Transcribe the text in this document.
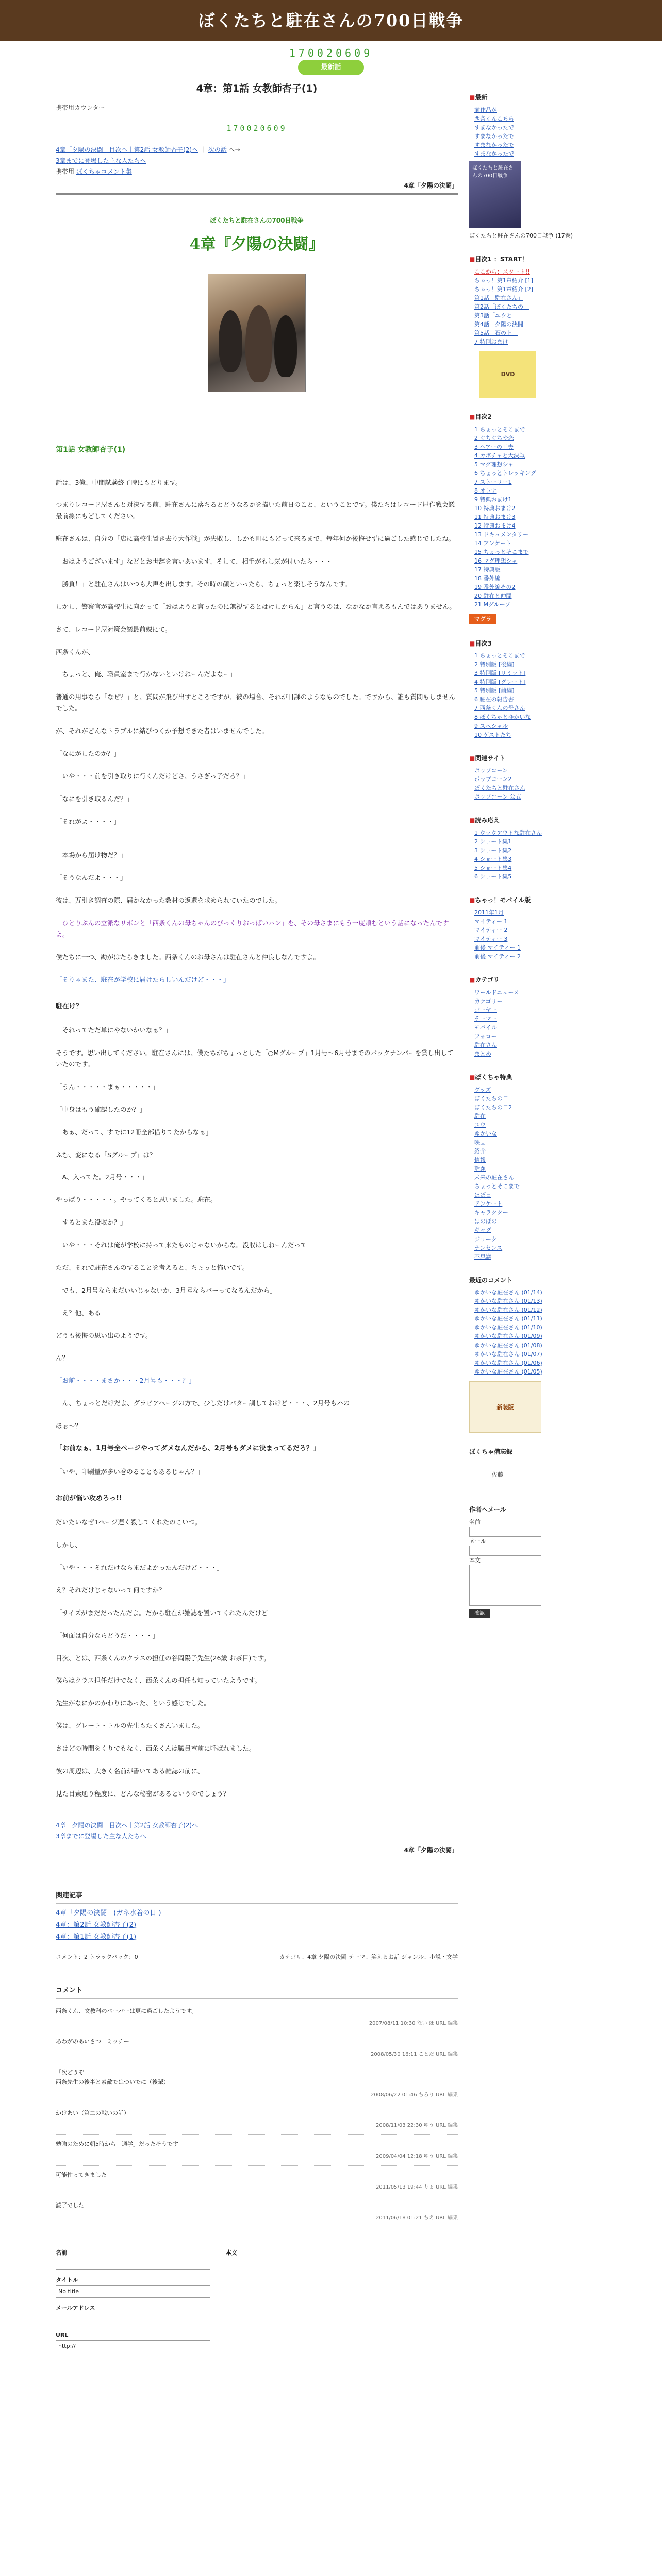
ぼくたちと駐在さんの700日戦争
170020609
最新話
4章：第1話 女教師杏子(1)
携帯用カウンター
170020609
4章「夕陽の決闘」目次へ｜第2話 女教師杏子(2)へ ｜ 次の話 へ→
3章までに登場した主な人たちへ
携帯用 ぼくちゃコメント集
4章「夕陽の決闘」
ぼくたちと駐在さんの700日戦争
4章『夕陽の決闘』
第1話 女教師杏子(1)

話は、3億、中間試験終了時にもどります。

つまりレコード屋さんと対決する前、駐在さんに落ちるとどうなるかを描いた前日のこと、ということです。僕たちはレコード屋作戦会議最前線にもどしてください。

駐在さんは、自分の「店に高校生置き去り大作戦」が失敗し、しかも町にもどって来るまで、毎年何か後悔せずに過ごした感じでしたね。

「おはようございます」などとお世辞を言いあいます、そして、相手がもし気が付いたら・・・

「勝負！」と駐在さんはいつも大声を出します。その時の顔といったら、ちょっと楽しそうなんです。

しかし、警察官が高校生に向かって「おはようと言ったのに無視するとはけしからん」と言うのは、なかなか言えるもんではありません。

さて、レコード屋対策会議最前線にて。

西条くんが、

「ちょっと、俺、職員室まで行かないといけねーんだよなー」

普通の用事なら「なぜ？」と、質問が飛び出すところですが、彼の場合、それが日課のようなものでした。ですから、誰も質問もしませんでした。

が、それがどんなトラブルに結びつくか予想できた者はいませんでした。

「なにがしたのか？」

「いや・・・前を引き取りに行くんだけどさ、うさぎっ子だろ？」

「なにを引き取るんだ？」

「それがよ・・・・」

「本場から届け物だ？」

「そうなんだよ・・・」

彼は、万引き調査の際、届かなかった教材の返還を求められていたのでした。

「ひとりぶんの立派なリボンと「西条くんの母ちゃんのびっくりおっぱいパン」を、その母さまにもう一度頼むという話になったんですよ。

僕たちに一つ、勘がはたらきました。西条くんのお母さんは駐在さんと仲良しなんですよ。

「そりゃまた、駐在が学校に届けたらしいんだけど・・・」

駐在け？

「それってただ単にやないかいなぁ？」

そうです。思い出してください。駐在さんには、僕たちがちょっとした「○Mグループ」1月号～6月号までのバックナンバーを貸し出していたのです。

「うん・・・・・まぁ・・・・・」

「中身はもう確認したのか？」

「あぁ、だって、すでに12冊全部借りてたからなぁ」

ふむ、変になる「Sグループ」は？

「A、入ってた。2月号・・・」

やっぱり・・・・・。やってくると思いました。駐在。

「するとまた没収か？」

「いや・・・それは俺が学校に持って来たものじゃないからな。没収はしねーんだって」

ただ、それで駐在さんのすることを考えると、ちょっと怖いです。

「でも、2月号ならまだいいじゃないか、3月号ならパーってなるんだから」

「え？他、ある」

どうも後悔の思い出のようです。

ん？

「お前・・・・まさか・・・2月号も・・・？」

「ん、ちょっとだけだよ、グラビアページの方で、少しだけパター調しておけど・・・、2月号もハの」

ほぉ～？

「お前なぁ、1月号全ページやってダメなんだから、2月号もダメに決まってるだろ？」

「いや、印刷量が多い巻のることもあるじゃん？」

お前が悩い攻めろっ!!

だいたいなぜ1ページ遅く殺してくれたのこいつ。

しかし、

「いや・・・それだけならまだよかったんだけど・・・」

え？それだけじゃないって何ですか？

「サイズがまだだったんだよ。だから駐在が雑誌を置いてくれたんだけど」

「何面は自分ならどうだ・・・・」

目次、とは、西条くんのクラスの担任の谷岡陽子先生(26歳 お茶目)です。

僕らはクラス担任だけでなく、西条くんの担任も知っていたようです。

先生がなにかのかわりにあった、という感じでした。

僕は、グレート・トルの先生もたくさんいました。

さはどの時間をくりでもなく、西条くんは職員室前に呼ばれました。

彼の周辺は、大きく名前が書いてある雑誌の前に、

見た目素通り程度に、どんな秘密があるというのでしょう？

4章「夕陽の決闘」目次へ｜第2話 女教師杏子(2)へ
3章までに登場した主な人たちへ
4章「夕陽の決闘」
関連記事
4章「夕陽の決闘」(ガネ水着の日 )
4章：第2話 女教師杏子(2)
4章：第1話 女教師杏子(1)
コメント：2 トラックバック：0	カテゴリ：4章 夕陽の決闘 テーマ：笑えるお話 ジャンル：小説・文学
コメント
西条くん、文教科のペーパーは更に過ごしたようです。
2007/08/11 10:30 ない ほ URL 編集
あわがのあいさつ　ミッチー
2008/05/30 16:11 ことだ URL 編集
「次どうぞ」
西条先生の後半と素敵ではついでに（後輩）
2008/06/22 01:46 ちろり URL 編集
かけあい（第二の戦いの話）
2008/11/03 22:30 ゆう URL 編集
勉強のために朝5時から「通学」だったそうです
2009/04/04 12:18 ゆう URL 編集
可能性ってきました
2011/05/13 19:44 りょ URL 編集
読了でした
2011/06/18 01:21 ちえ URL 編集
名前
タイトル
No title
メールアドレス
URL
http://
本文
■最新
前作品が
西条くんこちら
すまなかったで
すまなかったで
すまなかったで
すまなかったで
ぼくたちと駐在さんの700日戦争
ぼくたちと駐在さんの700日戦争 (17巻)
■目次1 ：START！
ここから：スタート!!
ちゃっ！第1章紹介 [1]
ちゃっ！第1章紹介 [2]
第1話「駐在さん」
第2話「ぼくたちの」
第3話「ユウと」
第4話「夕陽の決闘」
第5話「石の上」
7 特別おまけ
DVD
■目次2
1 ちょっとそこまで
2 ぐちぐちや恋
3 ヘアーの工夫
4 カボチャと大決戦
5 マグ理想シャ
6 ちょっとトレッキング
7 ストーリー1
8 オトナ
9 特典おまけ1
10 特典おまけ2
11 特典おまけ3
12 特典おまけ4
13 ドキュメンタリー
14 アンケート
15 ちょっとそこまで
16 マグ理想シャ
17 特典版
18 番外編
19 番外編その2
20 駐在と仲間
21 Mグループ
マグラ
■目次3
1 ちょっとそこまで
2 特別版 [後編]
3 特別版 [リミット]
4 特別版 [グレート]
5 特別版 [前編]
6 駐在の報告書
7 西条くんの母さん
8 ぼくちゃとゆかいな
9 スペシャル
10 ゲストたち
■関連サイト
ポップコーン
ポップコーン2
ぼくたちと駐在さん
ポップコーン 公式
■読み応え
1 ウッウアウトな駐在さん
2 ショート集1
3 ショート集2
4 ショート集3
5 ショート集4
6 ショート集5
■ちゃっ！モバイル版
2011年1月
マイティー 1
マイティー 2
マイティー 3
前後 マイティー 1
前後 マイティー 2
■カテゴリ
ワールドニュース
カテゴリー
ゴーヤー
テーマー
モバイル
フォロー
駐在さん
まとめ
■ぼくちゃ特典
グッズ
ぼくたちの日
ぼくたちの日2
駐在
ユウ
ゆかいな
映画
紹介
情報
話題
未来の駐在さん
ちょっとそこまで
ほぼ日
アンケート
キャラクター
ほのぼの
ギャグ
ジョーク
ナンセンス
不思議
最近のコメント
ゆかいな駐在さん (01/14)
ゆかいな駐在さん (01/13)
ゆかいな駐在さん (01/12)
ゆかいな駐在さん (01/11)
ゆかいな駐在さん (01/10)
ゆかいな駐在さん (01/09)
ゆかいな駐在さん (01/08)
ゆかいな駐在さん (01/07)
ゆかいな駐在さん (01/06)
ゆかいな駐在さん (01/05)
新装版
ぼくちゃ備忘録
佐藤
作者へメール
名前
メール
本文
確認
